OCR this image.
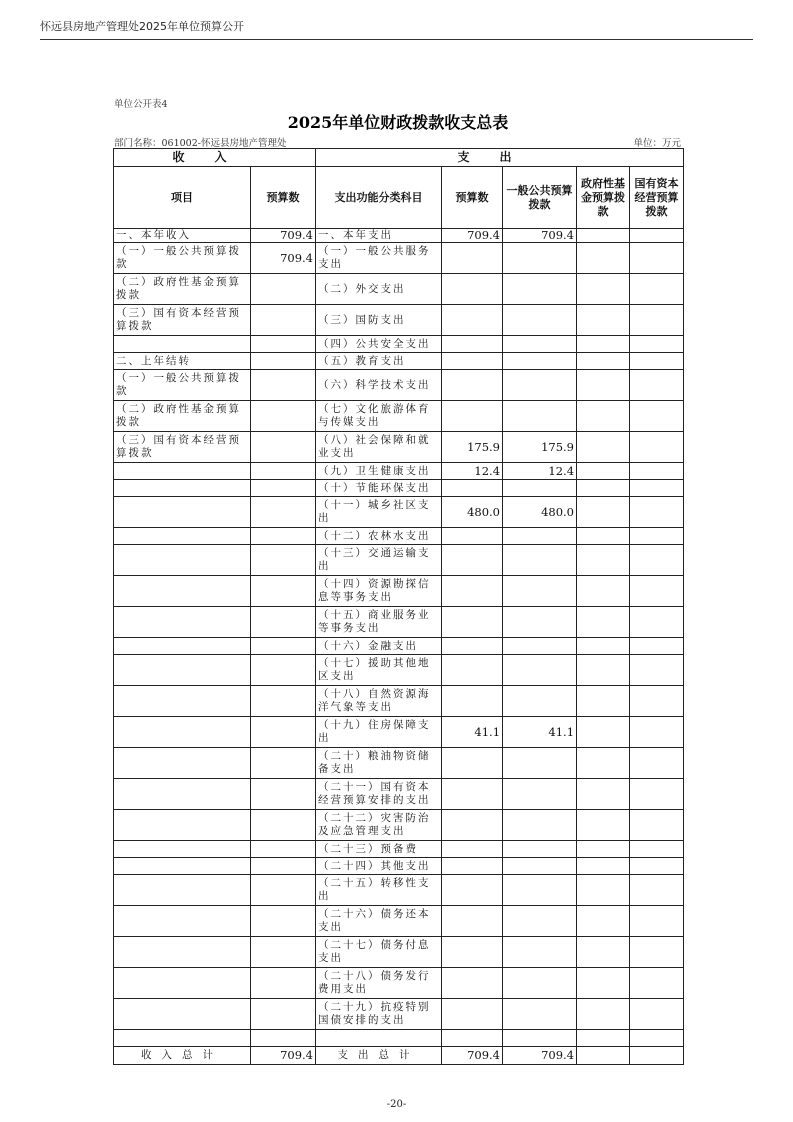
怀远县房地产管理处2025年单位预算公开
单位公开表4
2025年单位财政拨款收支总表
部门名称：061002-怀远县房地产管理处	单位：万元
收入		支出				
项目	预算数	支出功能分类科目	预算数	一般公共预算拨款	政府性基金预算拨款	国有资本经营预算拨款
一、本年收入	709.4	一、本年支出	709.4	709.4		
（一）一般公共预算拨款	709.4	（一）一般公共服务支出				
（二）政府性基金预算拨款		（二）外交支出				
（三）国有资本经营预算拨款		（三）国防支出				
		（四）公共安全支出				
二、上年结转		（五）教育支出				
（一）一般公共预算拨款		（六）科学技术支出				
（二）政府性基金预算拨款		（七）文化旅游体育与传媒支出				
（三）国有资本经营预算拨款		（八）社会保障和就业支出	175.9	175.9		
		（九）卫生健康支出	12.4	12.4		
		（十）节能环保支出				
		（十一）城乡社区支出	480.0	480.0		
		（十二）农林水支出				
		（十三）交通运输支出				
		（十四）资源勘探信息等事务支出				
		（十五）商业服务业等事务支出				
		（十六）金融支出				
		（十七）援助其他地区支出				
		（十八）自然资源海洋气象等支出				
		（十九）住房保障支出	41.1	41.1		
		（二十）粮油物资储备支出				
		（二十一）国有资本经营预算安排的支出				
		（二十二）灾害防治及应急管理支出				
		（二十三）预备费				
		（二十四）其他支出				
		（二十五）转移性支出				
		（二十六）债务还本支出				
		（二十七）债务付息支出				
		（二十八）债务发行费用支出				
		（二十九）抗疫特别国债安排的支出				

收入总计	709.4	支出总计	709.4	709.4		
-20-
